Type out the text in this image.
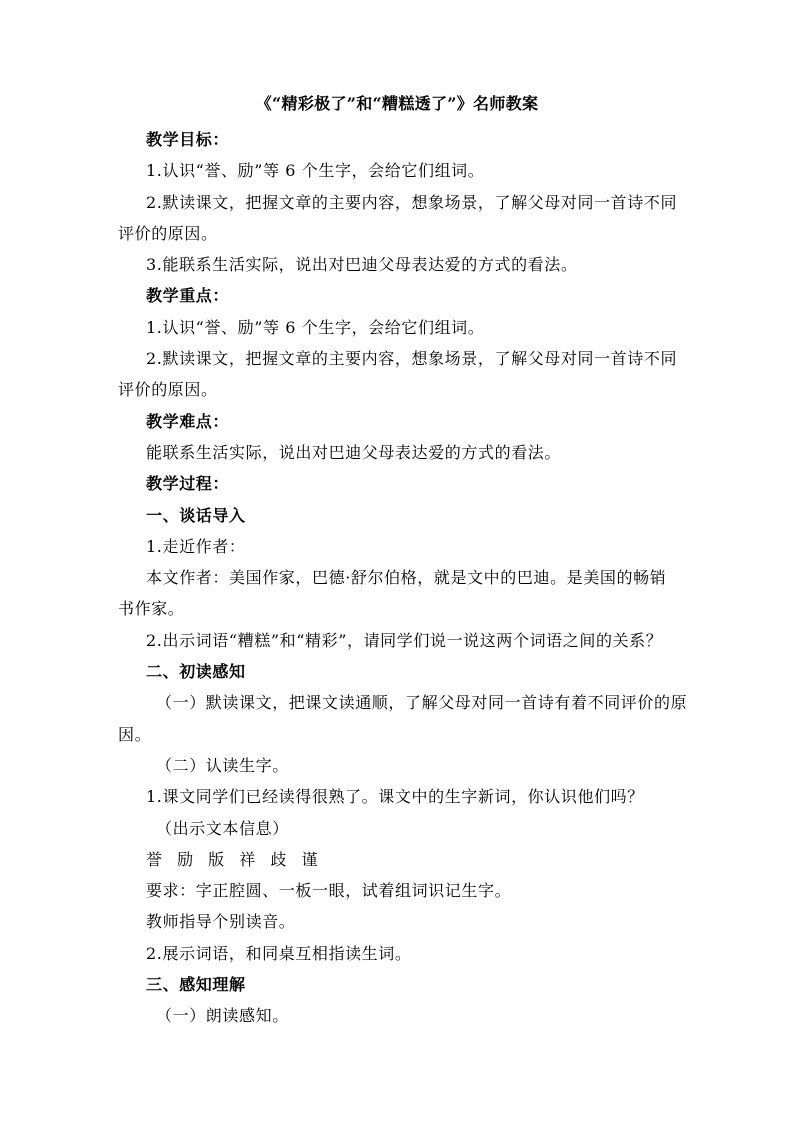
《“精彩极了”和“糟糕透了”》名师教案
教学目标：
1.认识“誉、励”等 6 个生字，会给它们组词。
2.默读课文，把握文章的主要内容，想象场景，了解父母对同一首诗不同
评价的原因。
3.能联系生活实际，说出对巴迪父母表达爱的方式的看法。
教学重点：
1.认识“誉、励”等 6 个生字，会给它们组词。
2.默读课文，把握文章的主要内容，想象场景，了解父母对同一首诗不同
评价的原因。
教学难点：
能联系生活实际，说出对巴迪父母表达爱的方式的看法。
教学过程：
一、谈话导入
1.走近作者：
本文作者：美国作家，巴德·舒尔伯格，就是文中的巴迪。是美国的畅销
书作家。
2.出示词语“糟糕”和“精彩”，请同学们说一说这两个词语之间的关系？
二、初读感知
（一）默读课文，把课文读通顺，了解父母对同一首诗有着不同评价的原
因。
（二）认读生字。
1.课文同学们已经读得很熟了。课文中的生字新词，你认识他们吗？
（出示文本信息）
誉 励 版 祥 歧 谨
要求：字正腔圆、一板一眼，试着组词识记生字。
教师指导个别读音。
2.展示词语，和同桌互相指读生词。
三、感知理解
（一）朗读感知。
